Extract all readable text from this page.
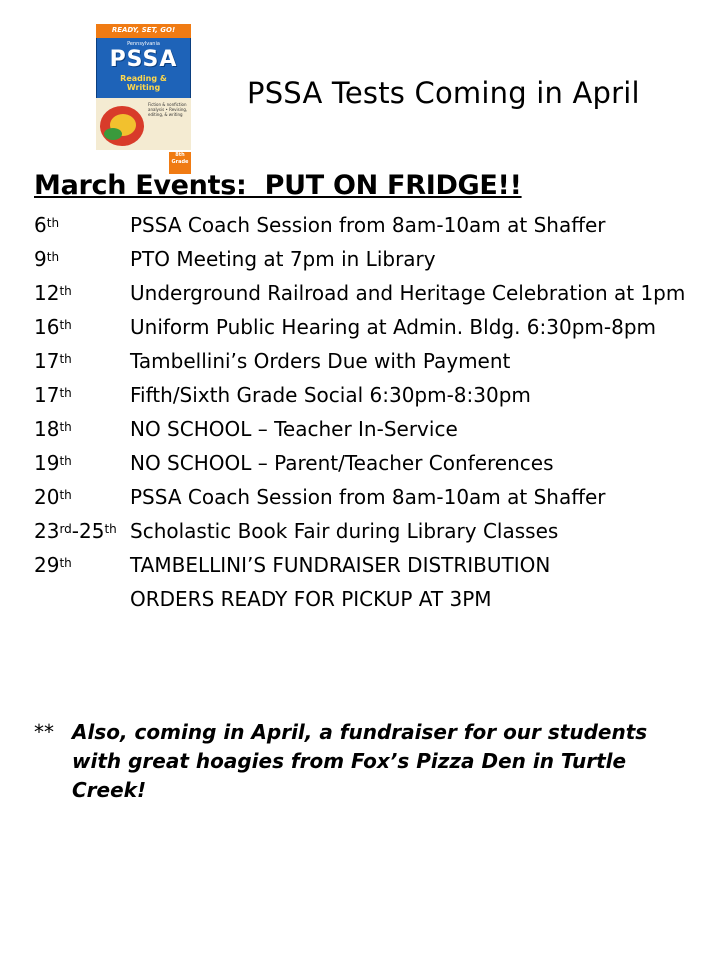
READY, SET, GO!
Pennsylvania
PSSA
Reading &
Writing
Fiction & nonfiction analysis • Revising, editing, & writing
8th Grade
PSSA Tests Coming in April
March Events:  PUT ON FRIDGE!!
6th	PSSA Coach Session from 8am-10am at Shaffer
9th	PTO Meeting at 7pm in Library
12th	Underground Railroad and Heritage Celebration at 1pm
16th	Uniform Public Hearing at Admin. Bldg. 6:30pm-8pm
17th	Tambellini’s Orders Due with Payment
17th	Fifth/Sixth Grade Social 6:30pm-8:30pm
18th	NO SCHOOL – Teacher In-Service
19th	NO SCHOOL – Parent/Teacher Conferences
20th	PSSA Coach Session from 8am-10am at Shaffer
23rd-25th Scholastic Book Fair during Library Classes
29th	TAMBELLINI’S FUNDRAISER DISTRIBUTION
ORDERS READY FOR PICKUP AT 3PM
** Also, coming in April, a fundraiser for our students with great hoagies from Fox’s Pizza Den in Turtle Creek!
